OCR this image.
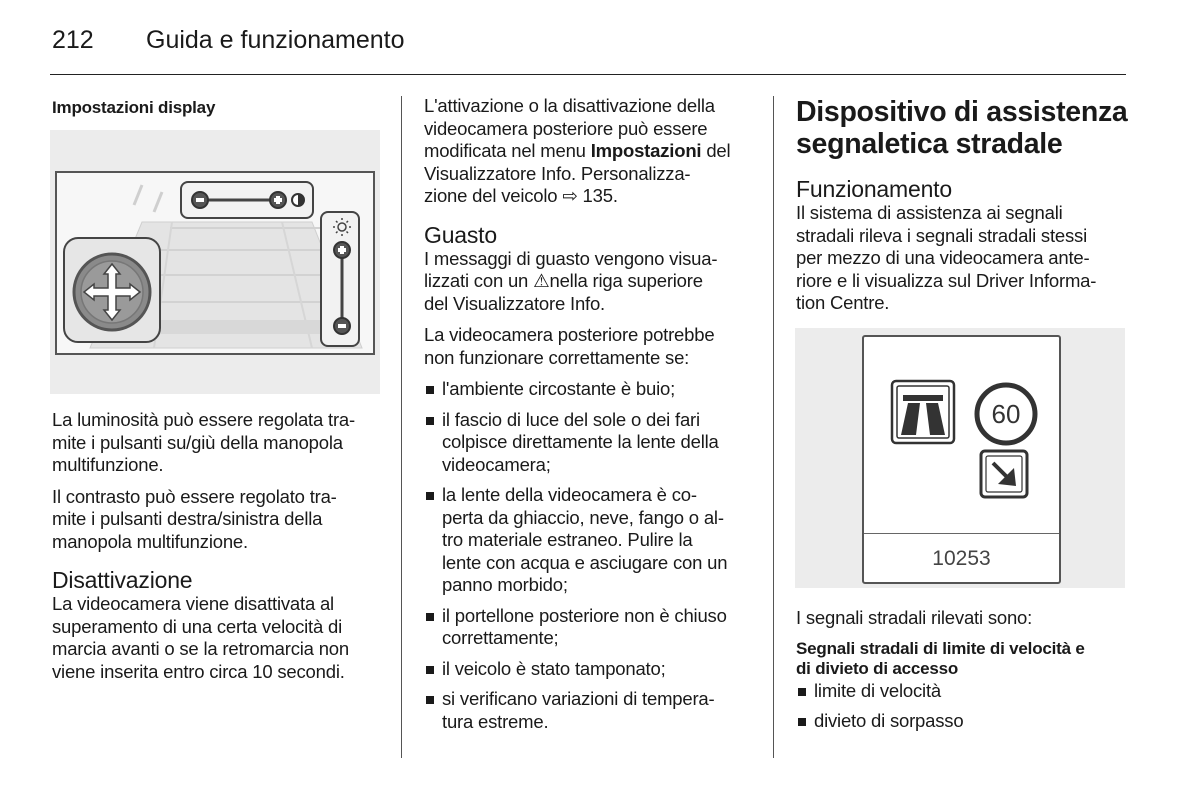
212 Guida e funzionamento
Impostazioni display

La luminosità può essere regolata tra-
mite i pulsanti su/giù della manopola
multifunzione.

Il contrasto può essere regolato tra-
mite i pulsanti destra/sinistra della
manopola multifunzione.

Disattivazione

La videocamera viene disattivata al
superamento di una certa velocità di
marcia avanti o se la retromarcia non
viene inserita entro circa 10 secondi.

L'attivazione o la disattivazione della
videocamera posteriore può essere
modificata nel menu Impostazioni del
Visualizzatore Info. Personalizza-
zione del veicolo ⇨ 135.

Guasto

I messaggi di guasto vengono visua-
lizzati con un ⚠nella riga superiore
del Visualizzatore Info.

La videocamera posteriore potrebbe
non funzionare correttamente se:

l'ambiente circostante è buio;
il fascio di luce del sole o dei fari
colpisce direttamente la lente della
videocamera;
la lente della videocamera è co-
perta da ghiaccio, neve, fango o al-
tro materiale estraneo. Pulire la
lente con acqua e asciugare con un
panno morbido;
il portellone posteriore non è chiuso
correttamente;
il veicolo è stato tamponato;
si verificano variazioni di tempera-
tura estreme.
Dispositivo di assistenza
segnaletica stradale
Funzionamento

Il sistema di assistenza ai segnali
stradali rileva i segnali stradali stessi
per mezzo di una videocamera ante-
riore e li visualizza sul Driver Informa-
tion Centre.

60
10253

I segnali stradali rilevati sono:

Segnali stradali di limite di velocità e
di divieto di accesso
limite di velocità
divieto di sorpasso
